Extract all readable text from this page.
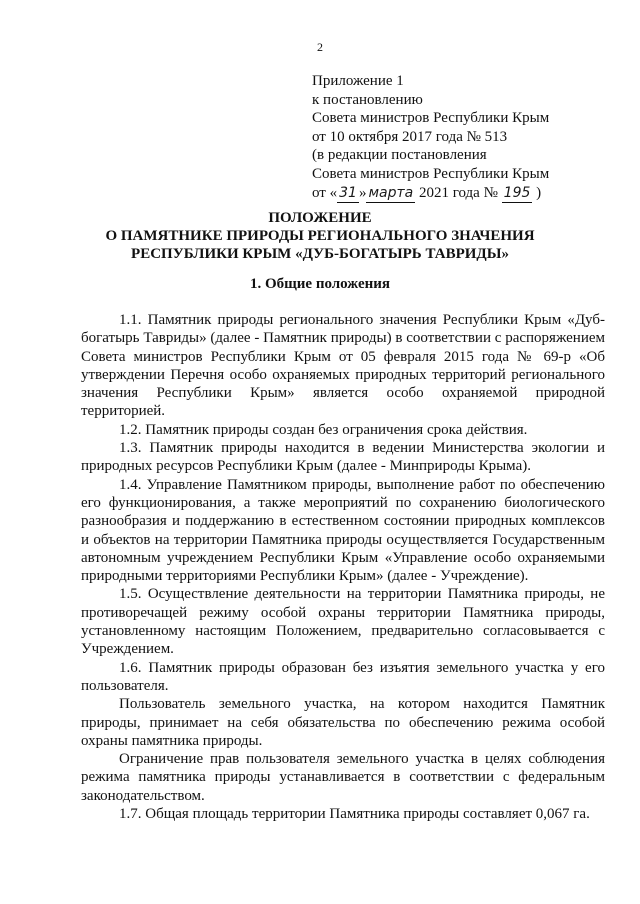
2
Приложение 1
к постановлению
Совета министров Республики Крым
от 10 октября 2017 года № 513
(в редакции постановления
Совета министров Республики Крым
от « 31 » марта 2021 года № 195 )
ПОЛОЖЕНИЕ
О ПАМЯТНИКЕ ПРИРОДЫ РЕГИОНАЛЬНОГО ЗНАЧЕНИЯ
РЕСПУБЛИКИ КРЫМ «ДУБ-БОГАТЫРЬ ТАВРИДЫ»
1. Общие положения

1.1. Памятник природы регионального значения Республики Крым «Дуб-богатырь Тавриды» (далее - Памятник природы) в соответствии с распоряжением Совета министров Республики Крым от 05 февраля 2015 года № 69-р «Об утверждении Перечня особо охраняемых природных территорий регионального значения Республики Крым» является особо охраняемой природной территорией.

1.2. Памятник природы создан без ограничения срока действия.

1.3. Памятник природы находится в ведении Министерства экологии и природных ресурсов Республики Крым (далее - Минприроды Крыма).

1.4. Управление Памятником природы, выполнение работ по обеспечению его функционирования, а также мероприятий по сохранению биологического разнообразия и поддержанию в естественном состоянии природных комплексов и объектов на территории Памятника природы осуществляется Государственным автономным учреждением Республики Крым «Управление особо охраняемыми природными территориями Республики Крым» (далее - Учреждение).

1.5. Осуществление деятельности на территории Памятника природы, не противоречащей режиму особой охраны территории Памятника природы, установленному настоящим Положением, предварительно согласовывается с Учреждением.

1.6. Памятник природы образован без изъятия земельного участка у его пользователя.

Пользователь земельного участка, на котором находится Памятник природы, принимает на себя обязательства по обеспечению режима особой охраны памятника природы.

Ограничение прав пользователя земельного участка в целях соблюдения режима памятника природы устанавливается в соответствии с федеральным законодательством.

1.7. Общая площадь территории Памятника природы составляет 0,067 га.
